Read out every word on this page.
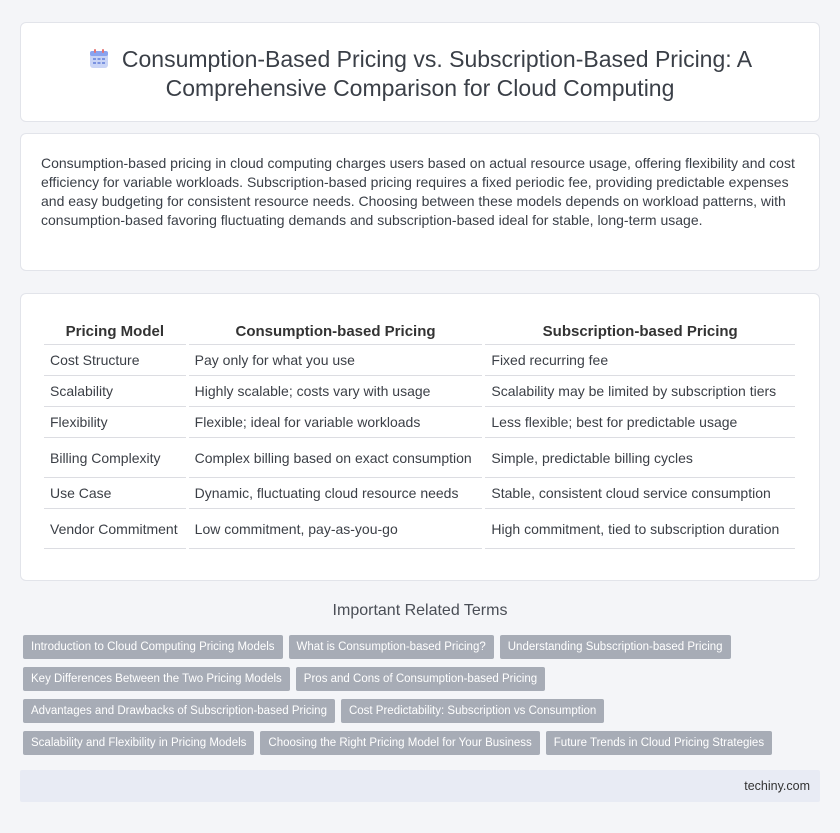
Consumption-Based Pricing vs. Subscription-Based Pricing: A Comprehensive Comparison for Cloud Computing

Consumption-based pricing in cloud computing charges users based on actual resource usage, offering flexibility and cost efficiency for variable workloads. Subscription-based pricing requires a fixed periodic fee, providing predictable expenses and easy budgeting for consistent resource needs. Choosing between these models depends on workload patterns, with consumption-based favoring fluctuating demands and subscription-based ideal for stable, long-term usage.

Pricing Model	Consumption-based Pricing	Subscription-based Pricing
Cost Structure	Pay only for what you use	Fixed recurring fee
Scalability	Highly scalable; costs vary with usage	Scalability may be limited by subscription tiers
Flexibility	Flexible; ideal for variable workloads	Less flexible; best for predictable usage
Billing Complexity	Complex billing based on exact consumption	Simple, predictable billing cycles
Use Case	Dynamic, fluctuating cloud resource needs	Stable, consistent cloud service consumption
Vendor Commitment	Low commitment, pay-as-you-go	High commitment, tied to subscription duration
Important Related Terms
Introduction to Cloud Computing Pricing Models What is Consumption-based Pricing? Understanding Subscription-based Pricing
Key Differences Between the Two Pricing Models Pros and Cons of Consumption-based Pricing
Advantages and Drawbacks of Subscription-based Pricing Cost Predictability: Subscription vs Consumption
Scalability and Flexibility in Pricing Models Choosing the Right Pricing Model for Your Business Future Trends in Cloud Pricing Strategies
techiny.com
